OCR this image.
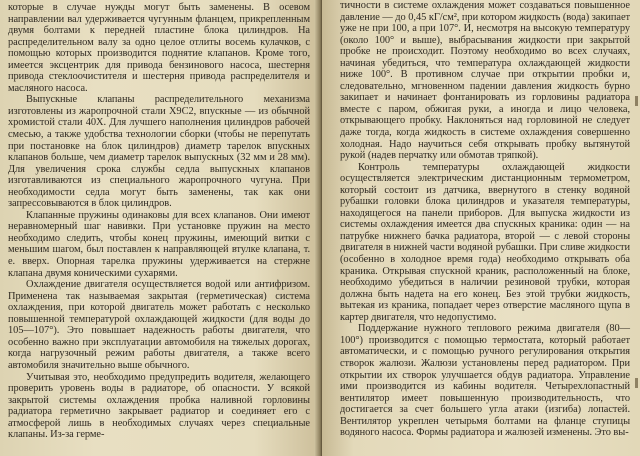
которые в случае нужды могут быть заменены. В осевом направлении вал удерживается чугунным фланцем, прикрепленным двумя болтами к передней пластине блока цилиндров. На распределительном валу за одно целое отлиты восемь кулачков, с помощью которых производится поднятие клапанов. Кроме того, имеется эксцентрик для привода бензинового насоса, шестерня привода стеклоочистителя и шестерня привода распределителя и масляного насоса.

Выпускные клапаны распределительного механизма изготовлены из жаропрочной стали Х9С2, впускные — из обычной хромистой стали 40Х. Для лучшего наполнения цилиндров рабочей смесью, а также удобства технологии сборки (чтобы не перепутать при постановке на блок цилиндров) диаметр тарелок впускных клапанов больше, чем диаметр тарелок выпускных (32 мм и 28 мм). Для увеличения срока службы седла выпускных клапанов изготавливаются из специального жаропрочного чугуна. При необходимости седла могут быть заменены, так как они запрессовываются в блок цилиндров.

Клапанные пружины одинаковы для всех клапанов. Они имеют неравномерный шаг навивки. При установке пружин на место необходимо следить, чтобы конец пружины, имеющий витки с меньшим шагом, был поставлен к направляющей втулке клапана, т. е. вверх. Опорная тарелка пружины удерживается на стержне клапана двумя коническими сухарями.

Охлаждение двигателя осуществляется водой или антифризом. Применена так называемая закрытая (герметическая) система охлаждения, при которой двигатель может работать с несколько повышенной температурой охлаждающей жидкости (для воды до 105—107°). Это повышает надежность работы двигателя, что особенно важно при эксплуатации автомобиля на тяжелых дорогах, когда нагрузочный режим работы двигателя, а также всего автомобиля значительно выше обычного.

Учитывая это, необходимо предупредить водителя, желающего проверить уровень воды в радиаторе, об опасности. У всякой закрытой системы охлаждения пробка наливной горловины радиатора герметично закрывает радиатор и соединяет его с атмосферой лишь в необходимых случаях через специальные клапаны. Из-за герме-

тичности в системе охлаждения может создаваться повышенное давление — до 0,45 кГ/см², при котором жидкость (вода) закипает уже не при 100, а при 107°. И, несмотря на высокую температуру (около 100° и выше), выбрасывания жидкости при закрытой пробке не происходит. Поэтому необходимо во всех случаях, начиная убедиться, что температура охлаждающей жидкости ниже 100°. В противном случае при открытии пробки и, следовательно, мгновенном падении давления жидкость бурно закипает и начинает фонтанировать из горловины радиатора вместе с паром, обжигая руки, а иногда и лицо человека, открывающего пробку. Наклоняться над горловиной не следует даже тогда, когда жидкость в системе охлаждения совершенно холодная. Надо научиться себя открывать пробку вытянутой рукой (надев перчатку или обмотав тряпкой).

Контроль температуры охлаждающей жидкости осуществляется электрическим дистанционным термометром, который состоит из датчика, ввернутого в стенку водяной рубашки головки блока цилиндров и указателя температуры, находящегося на панели приборов. Для выпуска жидкости из системы охлаждения имеется два спускных краника: один — на патрубке нижнего бачка радиатора, второй — с левой стороны двигателя в нижней части водяной рубашки. При сливе жидкости (особенно в холодное время года) необходимо открывать оба краника. Открывая спускной краник, расположенный на блоке, необходимо убедиться в наличии резиновой трубки, которая должна быть надета на его конец. Без этой трубки жидкость, вытекая из краника, попадает через отверстие масляного щупа в картер двигателя, что недопустимо.

Поддержание нужного теплового режима двигателя (80—100°) производится с помощью термостата, который работает автоматически, и с помощью ручного регулирования открытия створок жалюзи. Жалюзи установлены перед радиатором. При открытии их створок улучшается обдув радиатора. Управление ими производится из кабины водителя. Четырехлопастный вентилятор имеет повышенную производительность, что достигается за счет большего угла атаки (изгиба) лопастей. Вентилятор укреплен четырьмя болтами на фланце ступицы водяного насоса. Формы радиатора и жалюзей изменены. Это вы-
